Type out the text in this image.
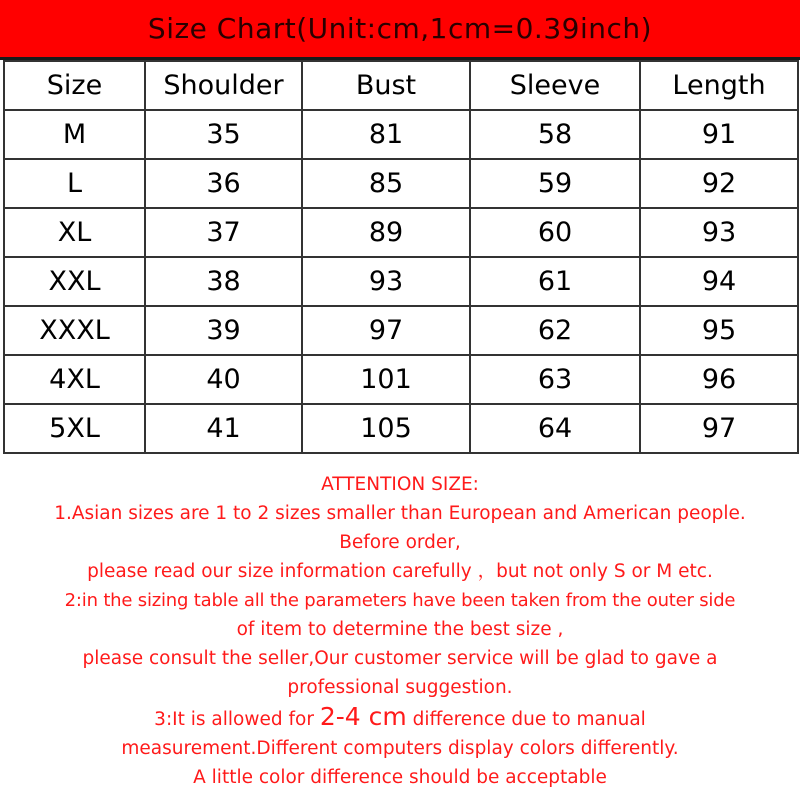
Size Chart(Unit:cm,1cm=0.39inch)
Size	Shoulder	Bust	Sleeve	Length
M	35	81	58	91
L	36	85	59	92
XL	37	89	60	93
XXL	38	93	61	94
XXXL	39	97	62	95
4XL	40	101	63	96
5XL	41	105	64	97
ATTENTION SIZE:
1.Asian sizes are 1 to 2 sizes smaller than European and American people.
Before order,
please read our size information carefully ，but not only S or M etc.
2:in the sizing table all the parameters have been taken from the outer side
of item to determine the best size ,
please consult the seller,Our customer service will be glad to gave a
professional suggestion.
3:It is allowed for 2-4 cm difference due to manual
measurement.Different computers display colors differently.
A little color difference should be acceptable
